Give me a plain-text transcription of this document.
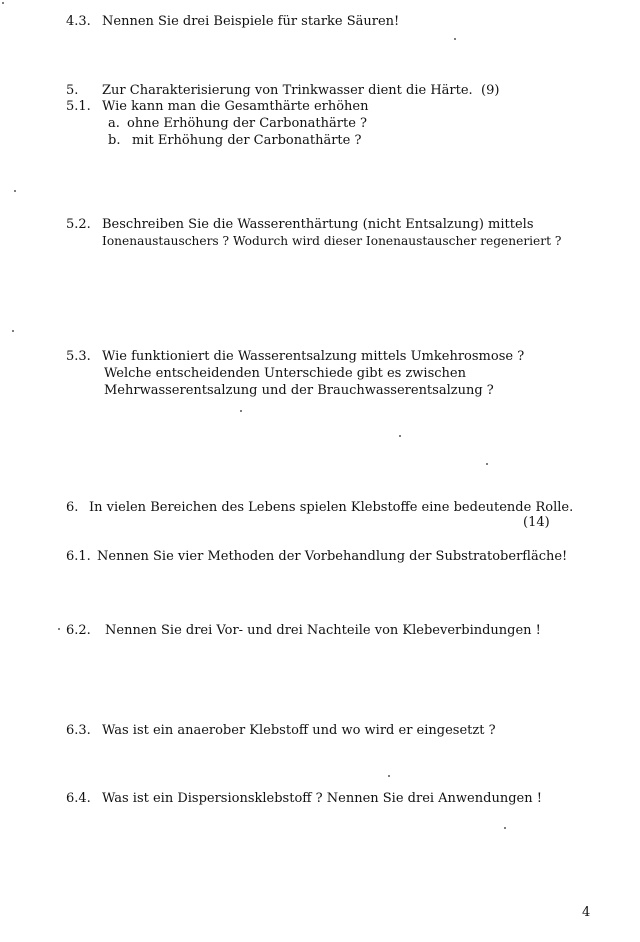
4.3. Nennen Sie drei Beispiele für starke Säuren!
5. Zur Charakterisierung von Trinkwasser dient die Härte. (9)
5.1. Wie kann man die Gesamthärte erhöhen
a. ohne Erhöhung der Carbonathärte ?
b. mit Erhöhung der Carbonathärte ?
5.2. Beschreiben Sie die Wasserenthärtung (nicht Entsalzung) mittels
Ionenaustauschers ? Wodurch wird dieser Ionenaustauscher regeneriert ?
5.3. Wie funktioniert die Wasserentsalzung mittels Umkehrosmose ?
Welche entscheidenden Unterschiede gibt es zwischen
Mehrwasserentsalzung und der Brauchwasserentsalzung ?
6. In vielen Bereichen des Lebens spielen Klebstoffe eine bedeutende Rolle.
(14)
6.1. Nennen Sie vier Methoden der Vorbehandlung der Substratoberfläche!
6.2. Nennen Sie drei Vor- und drei Nachteile von Klebeverbindungen !
6.3. Was ist ein anaerober Klebstoff und wo wird er eingesetzt ?
6.4. Was ist ein Dispersionsklebstoff ? Nennen Sie drei Anwendungen !
4
